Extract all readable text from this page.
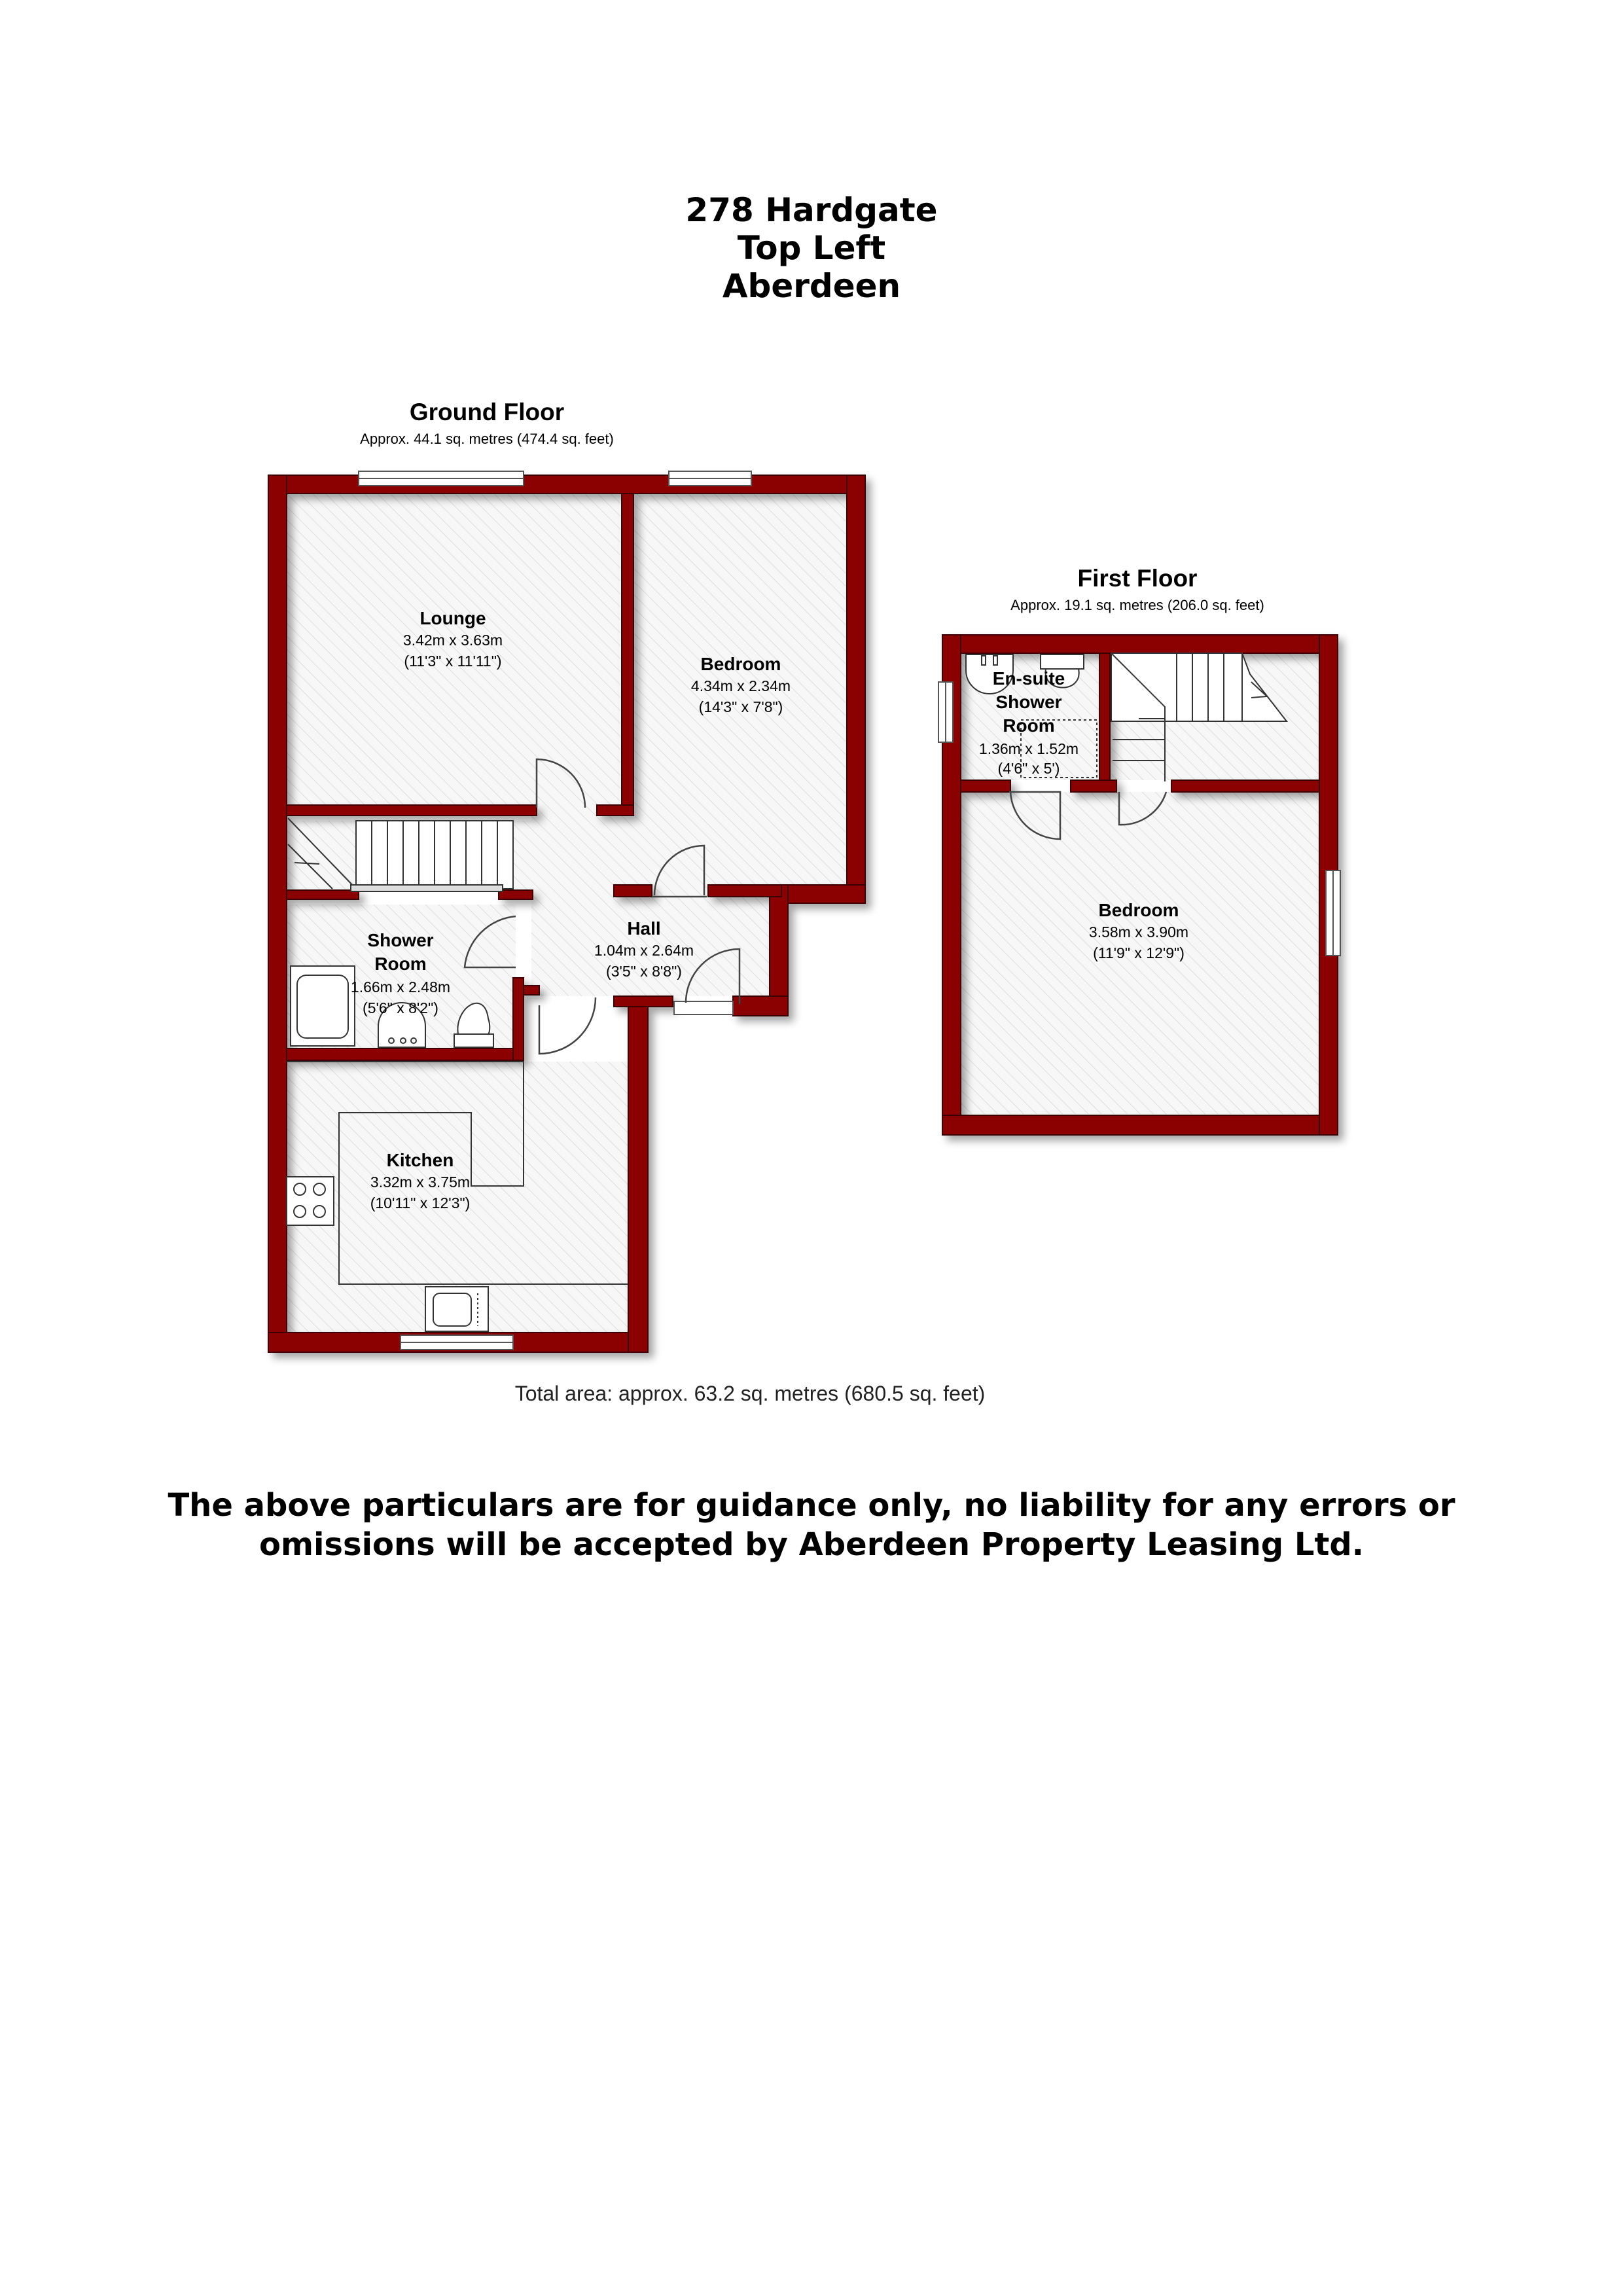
278 Hardgate
Top Left
Aberdeen
Ground Floor
Approx. 44.1 sq. metres (474.4 sq. feet)
Lounge
3.42m x 3.63m
(11'3" x 11'11")	Bedroom
4.34m x 2.34m
(14'3" x 7'8")
Hall
1.04m x 2.64m
(3'5" x 8'8")
Shower
Room
1.66m x 2.48m
(5'6" x 8'2")
Kitchen
3.32m x 3.75m
(10'11" x 12'3")
First Floor
Approx. 19.1 sq. metres (206.0 sq. feet)
En-suite
Shower
Room
1.36m x 1.52m
(4'6" x 5')
Bedroom
3.58m x 3.90m
(11'9" x 12'9")
Total area: approx. 63.2 sq. metres (680.5 sq. feet)
The above particulars are for guidance only, no liability for any errors or
omissions will be accepted by Aberdeen Property Leasing Ltd.
